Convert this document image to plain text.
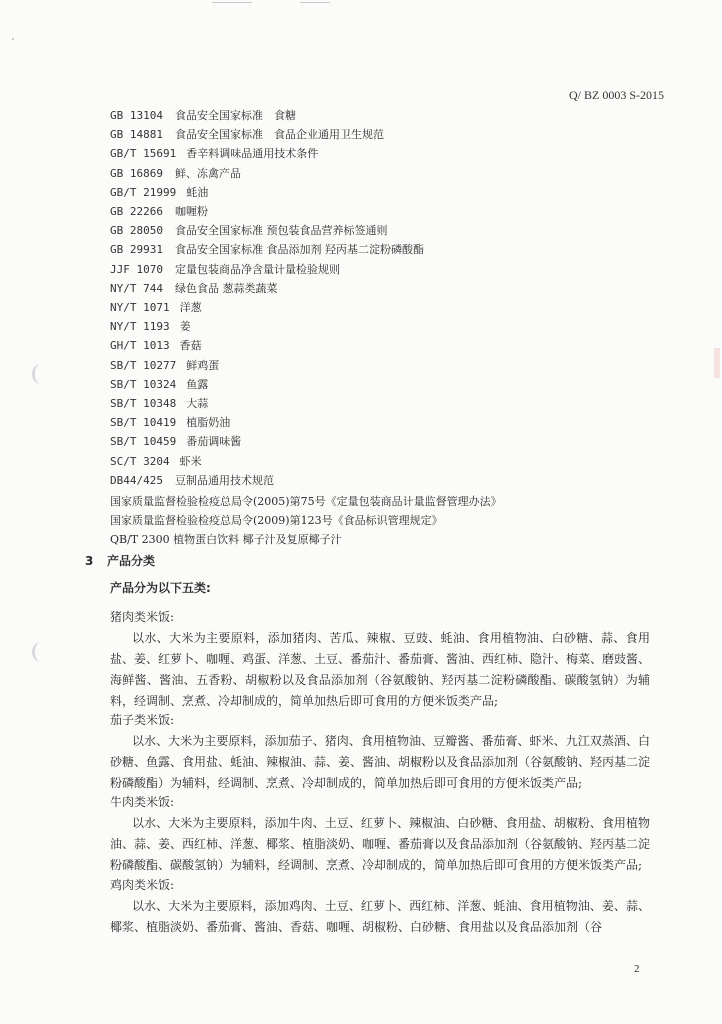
Q/ BZ 0003 S-2015
GB 13104 食品安全国家标准　食糖
GB 14881 食品安全国家标准　食品企业通用卫生规范
GB/T 15691 香辛料调味品通用技术条件
GB 16869 鲜、冻禽产品
GB/T 21999 蚝油
GB 22266 咖喱粉
GB 28050 食品安全国家标准 预包装食品营养标签通则
GB 29931 食品安全国家标准 食品添加剂 羟丙基二淀粉磷酸酯
JJF 1070 定量包装商品净含量计量检验规则
NY/T 744 绿色食品 葱蒜类蔬菜
NY/T 1071 洋葱
NY/T 1193 姜
GH/T 1013 香菇
SB/T 10277 鲜鸡蛋
SB/T 10324 鱼露
SB/T 10348 大蒜
SB/T 10419 植脂奶油
SB/T 10459 番茄调味酱
SC/T 3204 虾米
DB44/425 豆制品通用技术规范
国家质量监督检验检疫总局令(2005)第75号《定量包装商品计量监督管理办法》
国家质量监督检验检疫总局令(2009)第123号《食品标识管理规定》
QB/T 2300 植物蛋白饮料 椰子汁及复原椰子汁
3 产品分类
产品分为以下五类:
猪肉类米饭:
以水、大米为主要原料，添加猪肉、苦瓜、辣椒、豆豉、蚝油、食用植物油、白砂糖、蒜、食用盐、姜、红萝卜、咖喱、鸡蛋、洋葱、土豆、番茄汁、番茄膏、酱油、西红柿、隐汁、梅菜、磨豉酱、海鲜酱、酱油、五香粉、胡椒粉以及食品添加剂（谷氨酸钠、羟丙基二淀粉磷酸酯、碳酸氢钠）为辅料，经调制、烹煮、冷却制成的，简单加热后即可食用的方便米饭类产品;
茄子类米饭:
以水、大米为主要原料，添加茄子、猪肉、食用植物油、豆瓣酱、番茄膏、虾米、九江双蒸酒、白砂糖、鱼露、食用盐、蚝油、辣椒油、蒜、姜、酱油、胡椒粉以及食品添加剂（谷氨酸钠、羟丙基二淀粉磷酸酯）为辅料，经调制、烹煮、冷却制成的，简单加热后即可食用的方便米饭类产品;
牛肉类米饭:
以水、大米为主要原料，添加牛肉、土豆、红萝卜、辣椒油、白砂糖、食用盐、胡椒粉、食用植物油、蒜、姜、西红柿、洋葱、椰浆、植脂淡奶、咖喱、番茄膏以及食品添加剂（谷氨酸钠、羟丙基二淀粉磷酸酯、碳酸氢钠）为辅料，经调制、烹煮、冷却制成的，简单加热后即可食用的方便米饭类产品;
鸡肉类米饭:
以水、大米为主要原料，添加鸡肉、土豆、红萝卜、西红柿、洋葱、蚝油、食用植物油、姜、蒜、椰浆、植脂淡奶、番茄膏、酱油、香菇、咖喱、胡椒粉、白砂糖、食用盐以及食品添加剂（谷
2
